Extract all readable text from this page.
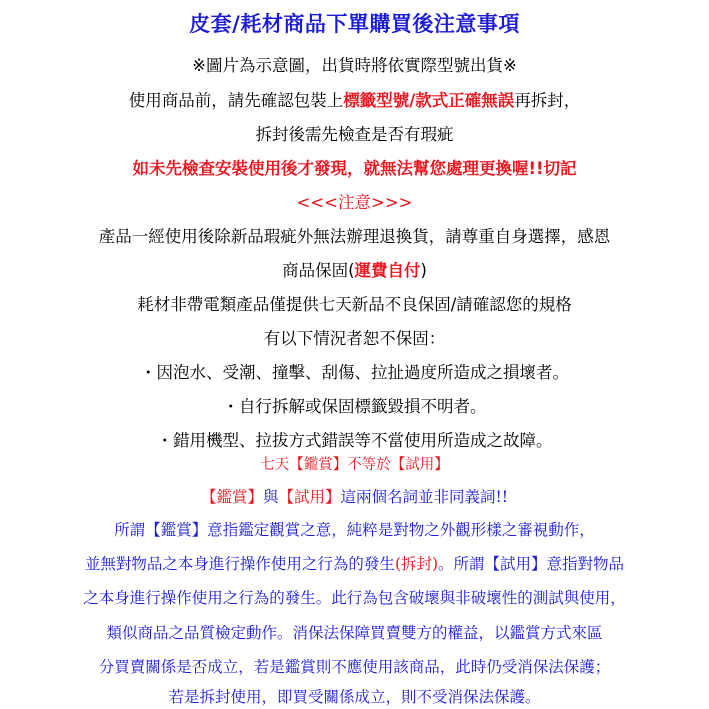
皮套/耗材商品下單購買後注意事項
※圖片為示意圖，出貨時將依實際型號出貨※
使用商品前，請先確認包裝上標籤型號/款式正確無誤再拆封，
拆封後需先檢查是否有瑕疵
如未先檢查安裝使用後才發現，就無法幫您處理更換喔!!切記
<<<注意>>>
產品一經使用後除新品瑕疵外無法辦理退換貨，請尊重自身選擇，感恩
商品保固(運費自付)
耗材非帶電類產品僅提供七天新品不良保固/請確認您的規格
有以下情況者恕不保固：
・因泡水、受潮、撞擊、刮傷、拉扯過度所造成之損壞者。
・自行拆解或保固標籤毀損不明者。
・錯用機型、拉拔方式錯誤等不當使用所造成之故障。
七天【鑑賞】不等於【試用】
【鑑賞】與【試用】這兩個名詞並非同義詞!!
所謂【鑑賞】意指鑑定觀賞之意，純粹是對物之外觀形樣之審視動作，
並無對物品之本身進行操作使用之行為的發生(拆封)。所謂【試用】意指對物品
之本身進行操作使用之行為的發生。此行為包含破壞與非破壞性的測試與使用，
類似商品之品質檢定動作。消保法保障買賣雙方的權益，以鑑賞方式來區
分買賣關係是否成立，若是鑑賞則不應使用該商品，此時仍受消保法保護；
若是拆封使用，即買受關係成立，則不受消保法保護。
